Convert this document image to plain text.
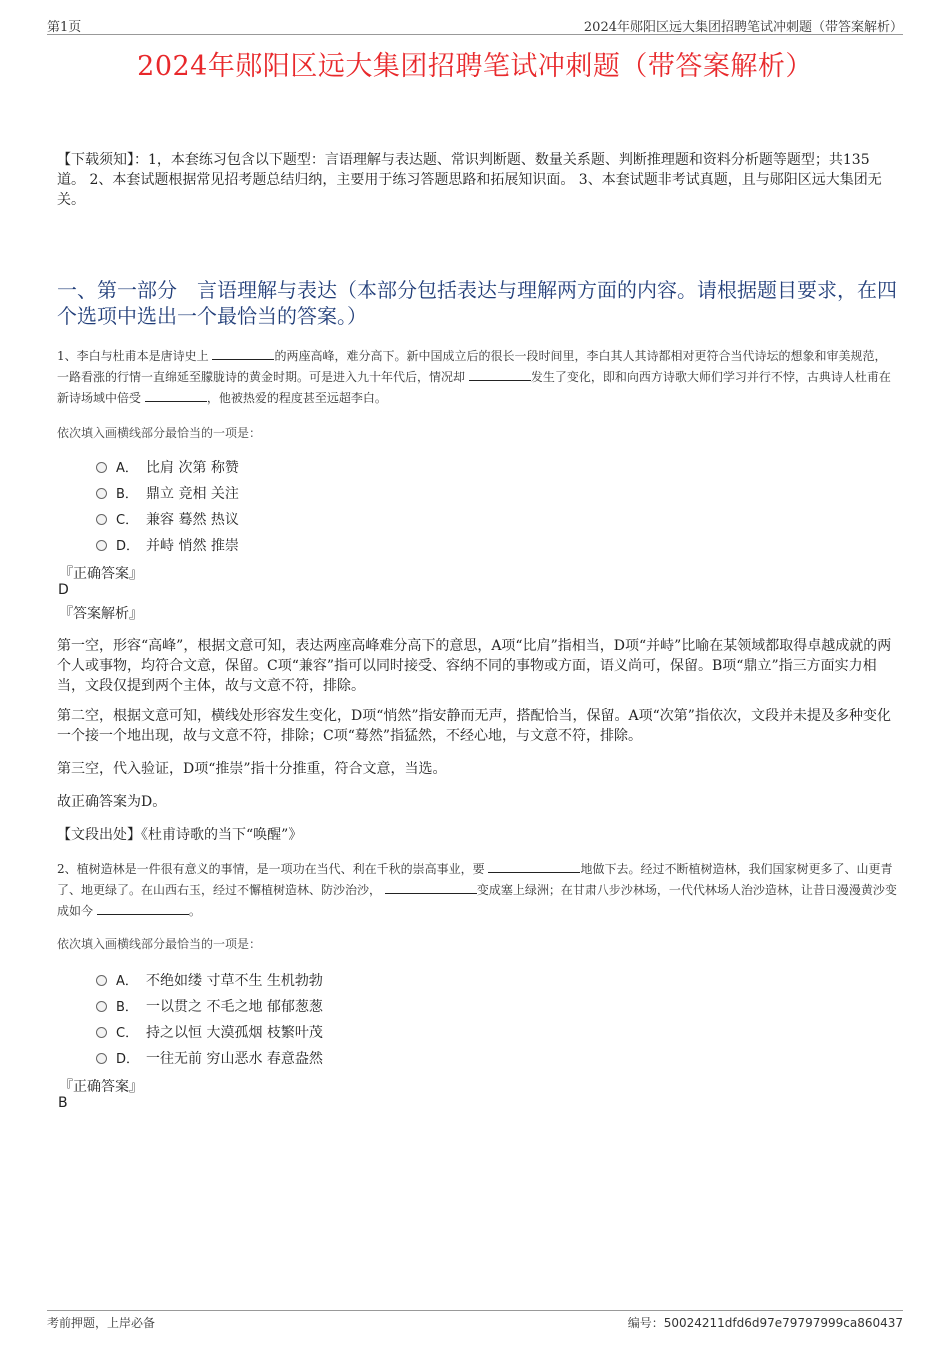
第1页	2024年郧阳区远大集团招聘笔试冲刺题（带答案解析）
2024年郧阳区远大集团招聘笔试冲刺题（带答案解析）
【下载须知】：1，本套练习包含以下题型：言语理解与表达题、常识判断题、数量关系题、判断推理题和资料分析题等题型；共135道。 2、本套试题根据常见招考题总结归纳，主要用于练习答题思路和拓展知识面。 3、本套试题非考试真题，且与郧阳区远大集团无关。
一、第一部分　言语理解与表达（本部分包括表达与理解两方面的内容。请根据题目要求，在四个选项中选出一个最恰当的答案。）
1、李白与杜甫本是唐诗史上	的两座高峰，难分高下。新中国成立后的很长一段时间里，李白其人其诗都相对更符合当代诗坛的想象和审美规范，一路看涨的行情一直绵延至朦胧诗的黄金时期。可是进入九十年代后，情况却	发生了变化，即和向西方诗歌大师们学习并行不悖，古典诗人杜甫在新诗场域中倍受	，他被热爱的程度甚至远超李白。
依次填入画横线部分最恰当的一项是：
A． 比肩 次第 称赞
B． 鼎立 竞相 关注
C． 兼容 蓦然 热议
D． 并峙 悄然 推崇
『正确答案』
D
『答案解析』
第一空，形容“高峰”，根据文意可知，表达两座高峰难分高下的意思，A项“比肩”指相当，D项“并峙”比喻在某领域都取得卓越成就的两个人或事物，均符合文意，保留。C项“兼容”指可以同时接受、容纳不同的事物或方面，语义尚可，保留。B项“鼎立”指三方面实力相当，文段仅提到两个主体，故与文意不符，排除。
第二空，根据文意可知，横线处形容发生变化，D项“悄然”指安静而无声，搭配恰当，保留。A项“次第”指依次，文段并未提及多种变化一个接一个地出现，故与文意不符，排除；C项“蓦然”指猛然，不经心地，与文意不符，排除。
第三空，代入验证，D项“推崇”指十分推重，符合文意，当选。
故正确答案为D。
【文段出处】《杜甫诗歌的当下“唤醒”》
2、植树造林是一件很有意义的事情，是一项功在当代、利在千秋的崇高事业，要	地做下去。经过不断植树造林，我们国家树更多了、山更青了、地更绿了。在山西右玉，经过不懈植树造林、防沙治沙，	变成塞上绿洲；在甘肃八步沙林场，一代代林场人治沙造林，让昔日漫漫黄沙变成如今	。
依次填入画横线部分最恰当的一项是：
A． 不绝如缕 寸草不生 生机勃勃
B． 一以贯之 不毛之地 郁郁葱葱
C． 持之以恒 大漠孤烟 枝繁叶茂
D． 一往无前 穷山恶水 春意盎然
『正确答案』
B
考前押题，上岸必备	编号：50024211dfd6d97e79797999ca860437
